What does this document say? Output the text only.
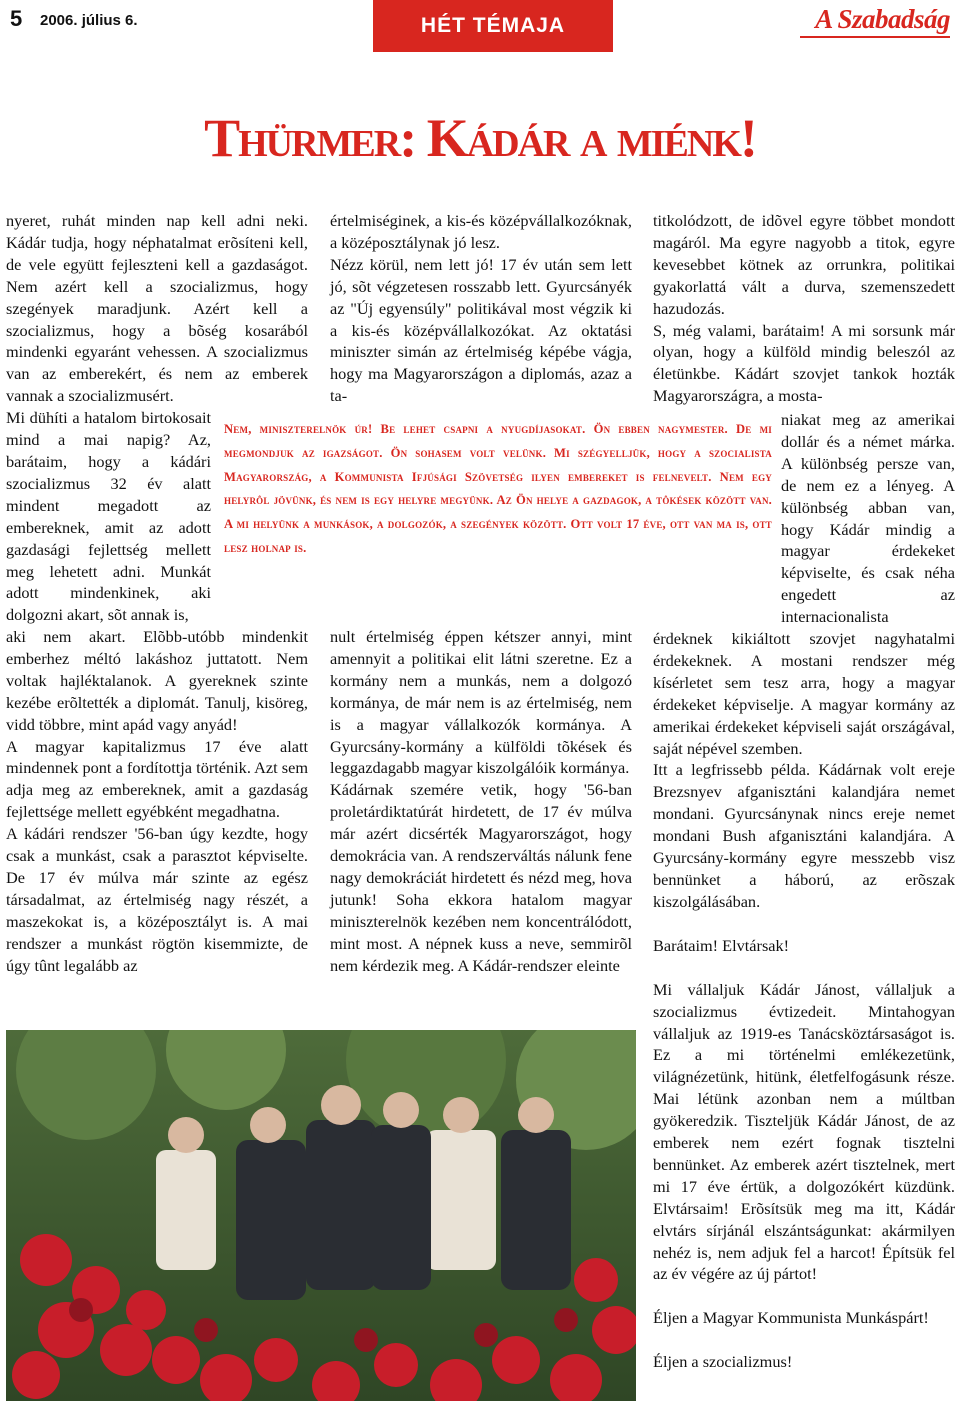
5 2006. július 6.	HÉT TÉMAJA	A Szabadság
Thürmer: Kádár a miénk!

nyeret, ruhát minden nap kell adni neki. Kádár tudja, hogy néphatalmat erõsíteni kell, de vele együtt fejleszteni kell a gazdaságot. Nem azért kell a szocializmus, hogy szegények maradjunk. Azért kell a szocializmus, hogy a bõség kosarából mindenki egyaránt vehessen. A szocializmus van az emberekért, és nem az emberek vannak a szocializmusért.

Mi dühíti a hatalom birtokosait mind a mai napig? Az, barátaim, hogy a kádári szocializmus 32 év alatt mindent megadott az embereknek, amit az adott gazdasági fejlettség mellett meg lehetett adni. Munkát adott mindenkinek, aki dolgozni akart, sõt annak is,

aki nem akart. Elõbb-utóbb mindenkit emberhez méltó lakáshoz juttatott. Nem voltak hajléktalanok. A gyereknek szinte kezébe erõltették a diplomát. Tanulj, kisöreg, vidd többre, mint apád vagy anyád!

A magyar kapitalizmus 17 éve alatt mindennek pont a fordítottja történik. Azt sem adja meg az embereknek, amit a gazdaság fejlettsége mellett egyébként megadhatna.

A kádári rendszer '56-ban úgy kezdte, hogy csak a munkást, csak a parasztot képviselte. De 17 év múlva már szinte az egész társadalmat, az értelmiség nagy részét, a maszekokat is, a középosztályt is. A mai rendszer a munkást rögtön kisemmizte, de úgy tûnt legalább az

értelmiséginek, a kis-és középvállalkozóknak, a középosztálynak jó lesz.

Nézz körül, nem lett jó! 17 év után sem lett jó, sõt végzetesen rosszabb lett. Gyurcsányék az "Új egyensúly" politikával most végzik ki a kis-és középvállalkozókat. Az oktatási miniszter simán az értelmiség képébe vágja, hogy ma Magyarországon a diplomás, azaz a ta-

nult értelmiség éppen kétszer annyi, mint amennyit a politikai elit látni szeretne. Ez a kormány nem a munkás, nem a dolgozó kormánya, de már nem is az értelmiség, nem is a magyar vállalkozók kormánya. A Gyurcsány-kormány a külföldi tõkések és leggazdagabb magyar kiszolgálóik kormánya.

Kádárnak szemére vetik, hogy '56-ban proletárdiktatúrát hirdetett, de 17 év múlva már azért dicsérték Magyarországot, hogy demokrácia van. A rendszerváltás nálunk fene nagy demokráciát hirdetett és nézd meg, hova jutunk! Soha ekkora hatalom magyar miniszterelnök kezében nem koncentrálódott, mint most. A népnek kuss a neve, semmirõl nem kérdezik meg. A Kádár-rendszer eleinte

titkolódzott, de idõvel egyre többet mondott magáról. Ma egyre nagyobb a titok, egyre kevesebbet kötnek az orrunkra, politikai gyakorlattá vált a durva, szemenszedett hazudozás.

S, még valami, barátaim! A mi sorsunk már olyan, hogy a külföld mindig beleszól az életünkbe. Kádárt szovjet tankok hozták Magyarországra, a mosta-

niakat meg az amerikai dollár és a német márka. A különbség persze van, de nem ez a lényeg. A különbség abban van, hogy Kádár mindig a magyar érdekeket képviselte, és csak néha engedett az internacionalista

érdeknek kikiáltott szovjet nagyhatalmi érdekeknek. A mostani rendszer még kísérletet sem tesz arra, hogy a magyar érdekeket képviselje. A magyar kormány az amerikai érdekeket képviseli saját országával, saját népével szemben.

Itt a legfrissebb példa. Kádárnak volt ereje Brezsnyev afganisztáni kalandjára nemet mondani. Gyurcsánynak nincs ereje nemet mondani Bush afganisztáni kalandjára. A Gyurcsány-kormány egyre messzebb visz bennünket a háború, az erõszak kiszolgálásában.

Barátaim! Elvtársak!

Mi vállaljuk Kádár Jánost, vállaljuk a szocializmus évtizedeit. Mintahogyan vállaljuk az 1919-es Tanácsköztársaságot is. Ez a mi történelmi emlékezetünk, világnézetünk, hitünk, életfelfogásunk része. Mai létünk azonban nem a múltban gyökeredzik. Tiszteljük Kádár Jánost, de az emberek nem ezért fognak tisztelni bennünket. Az emberek azért tisztelnek, mert mi 17 éve értük, a dolgozókért küzdünk. Elvtársaim! Erõsítsük meg ma itt, Kádár elvtárs sírjánál elszántságunkat: akármilyen nehéz is, nem adjuk fel a harcot! Építsük fel az év végére az új pártot!

Éljen a Magyar Kommunista Munkáspárt!

Éljen a szocializmus!

Nem, miniszterelnök úr! Be lehet csapni a nyugdíjasokat. Ön ebben nagymester. De mi megmondjuk az igazságot. Ön sohasem volt velünk. Mi szégyelljük, hogy a szocialista Magyarország, a Kommunista Ifjúsági Szövetség ilyen embereket is felnevelt. Nem egy helyrôl jövünk, és nem is egy helyre megyünk. Az Ön helye a gazdagok, a tôkések között van. A mi helyünk a munkások, a dolgozók, a szegények között. Ott volt 17 éve, ott van ma is, ott lesz holnap is.
